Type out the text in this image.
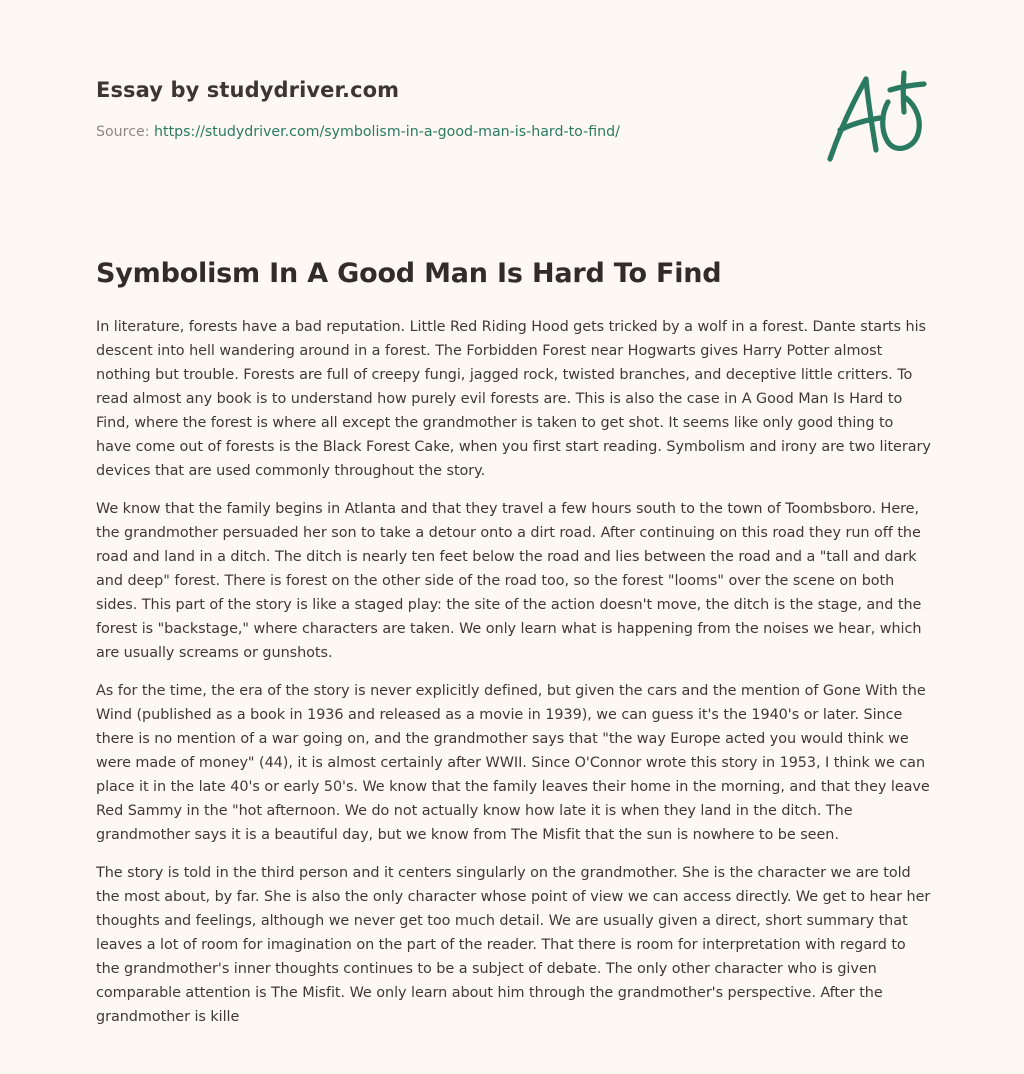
Essay by studydriver.com
Source: https://studydriver.com/symbolism-in-a-good-man-is-hard-to-find/
Symbolism In A Good Man Is Hard To Find

In literature, forests have a bad reputation. Little Red Riding Hood gets tricked by a wolf in a forest. Dante starts his descent into hell wandering around in a forest. The Forbidden Forest near Hogwarts gives Harry Potter almost nothing but trouble. Forests are full of creepy fungi, jagged rock, twisted branches, and deceptive little critters. To read almost any book is to understand how purely evil forests are. This is also the case in A Good Man Is Hard to Find, where the forest is where all except the grandmother is taken to get shot. It seems like only good thing to have come out of forests is the Black Forest Cake, when you first start reading. Symbolism and irony are two literary devices that are used commonly throughout the story.

We know that the family begins in Atlanta and that they travel a few hours south to the town of Toombsboro. Here, the grandmother persuaded her son to take a detour onto a dirt road. After continuing on this road they run off the road and land in a ditch. The ditch is nearly ten feet below the road and lies between the road and a "tall and dark and deep" forest. There is forest on the other side of the road too, so the forest "looms" over the scene on both sides. This part of the story is like a staged play: the site of the action doesn't move, the ditch is the stage, and the forest is "backstage," where characters are taken. We only learn what is happening from the noises we hear, which are usually screams or gunshots.

As for the time, the era of the story is never explicitly defined, but given the cars and the mention of Gone With the Wind (published as a book in 1936 and released as a movie in 1939), we can guess it's the 1940's or later. Since there is no mention of a war going on, and the grandmother says that "the way Europe acted you would think we were made of money" (44), it is almost certainly after WWII. Since O'Connor wrote this story in 1953, I think we can place it in the late 40's or early 50's. We know that the family leaves their home in the morning, and that they leave Red Sammy in the "hot afternoon. We do not actually know how late it is when they land in the ditch. The grandmother says it is a beautiful day, but we know from The Misfit that the sun is nowhere to be seen.

The story is told in the third person and it centers singularly on the grandmother. She is the character we are told the most about, by far. She is also the only character whose point of view we can access directly. We get to hear her thoughts and feelings, although we never get too much detail. We are usually given a direct, short summary that leaves a lot of room for imagination on the part of the reader. That there is room for interpretation with regard to the grandmother's inner thoughts continues to be a subject of debate. The only other character who is given comparable attention is The Misfit. We only learn about him through the grandmother's perspective. After the grandmother is kille
